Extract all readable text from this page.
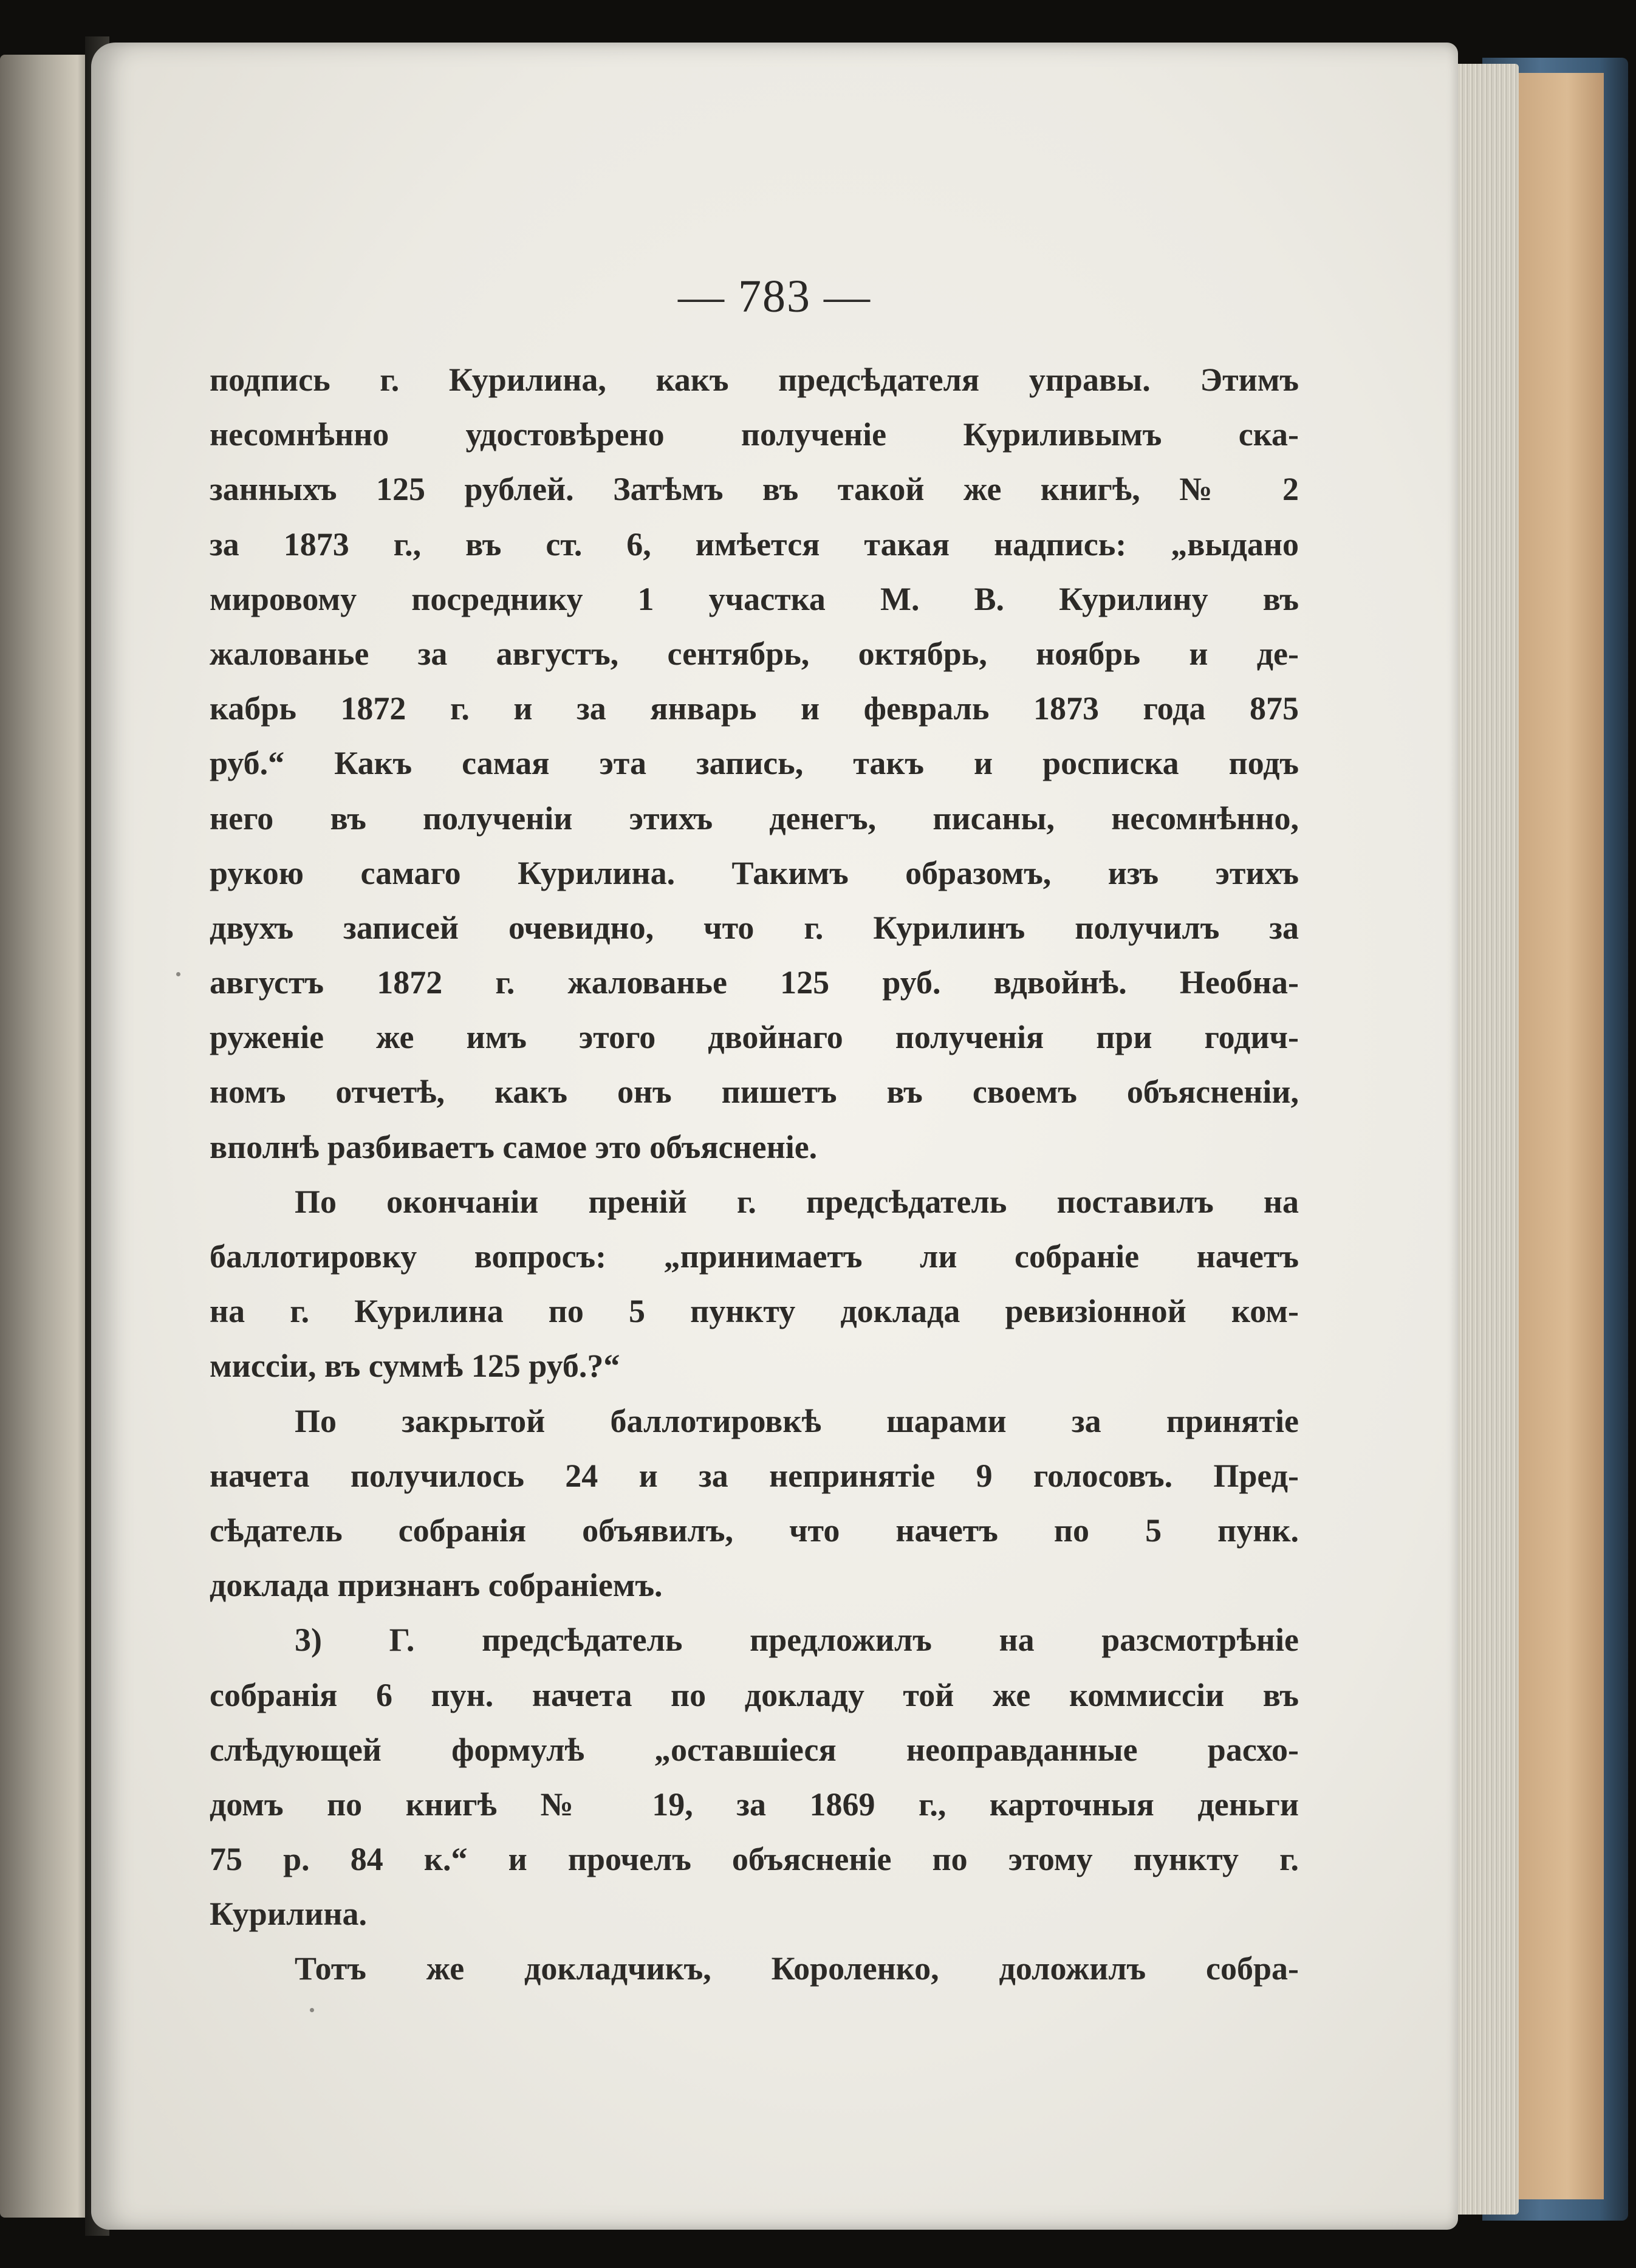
— 783 —

подпись г. Курилина, какъ предсѣдателя управы. Этимъ
несомнѣнно удостовѣрено полученіе Куриливымъ ска-
занныхъ 125 рублей. Затѣмъ въ такой же книгѣ, № 2
за 1873 г., въ ст. 6, имѣется такая надпись: „выдано
мировому посреднику 1 участка М. В. Курилину въ
жалованье за августъ, сентябрь, октябрь, ноябрь и де-
кабрь 1872 г. и за январь и февраль 1873 года 875
руб.“ Какъ самая эта запись, такъ и росписка подъ
него въ полученіи этихъ денегъ, писаны, несомнѣнно,
рукою самаго Курилина. Такимъ образомъ, изъ этихъ
двухъ записей очевидно, что г. Курилинъ получилъ за
августъ 1872 г. жалованье 125 руб. вдвойнѣ. Необна-
руженіе же имъ этого двойнаго полученія при годич-
номъ отчетѣ, какъ онъ пишетъ въ своемъ объясненіи,
вполнѣ разбиваетъ самое это объясненіе.
По окончаніи преній г. предсѣдатель поставилъ на
баллотировку вопросъ: „принимаетъ ли собраніе начетъ
на г. Курилина по 5 пункту доклада ревизіонной ком-
миссіи, въ суммѣ 125 руб.?“
По закрытой баллотировкѣ шарами за принятіе
начета получилось 24 и за непринятіе 9 голосовъ. Пред-
сѣдатель собранія объявилъ, что начетъ по 5 пунк.
доклада признанъ собраніемъ.
3) Г. предсѣдатель предложилъ на разсмотрѣніе
собранія 6 пун. начета по докладу той же коммиссіи въ
слѣдующей формулѣ „оставшіеся неоправданные расхо-
домъ по книгѣ № 19, за 1869 г., карточныя деньги
75 р. 84 к.“ и прочелъ объясненіе по этому пункту г.
Курилина.
Тотъ же докладчикъ, Короленко, доложилъ собра-
